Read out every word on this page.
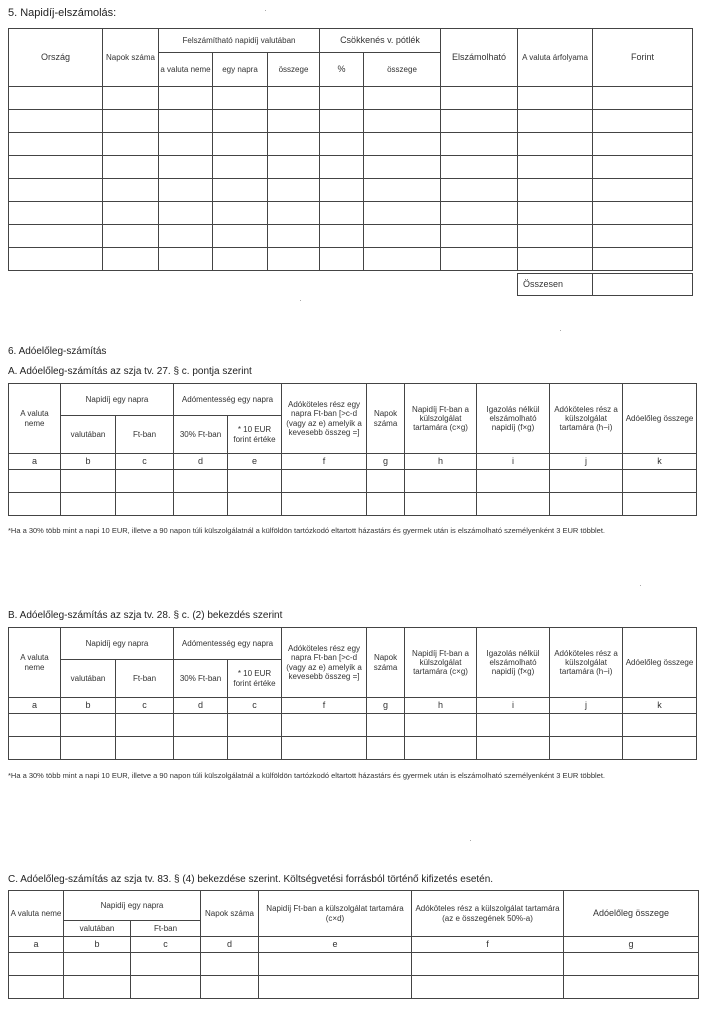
5. Napidíj-elszámolás:
Ország	Napok száma	Felszámítható napidíj valutában			Csökkenés v. pótlék		Elszámolható	A valuta árfolyama	Forint
		a valuta neme	egy napra	összege	%	összege			

Összesen	
6. Adóelőleg-számítás
A. Adóelőleg-számítás az szja tv. 27. § c. pontja szerint
A valuta neme	Napidíj egy napra		Adómentesség egy napra		Adóköteles rész egy napra Ft-ban [>c-d (vagy az e) amelyik a kevesebb összeg =]	Napok száma	Napidíj Ft-ban a külszolgálat tartamára (c×g)	Igazolás nélkül elszámolható napidíj (f×g)	Adóköteles rész a külszolgálat tartamára (h−i)	Adóelőleg összege
	valutában	Ft-ban	30% Ft-ban	* 10 EUR forint értéke						
a	b	c	d	e	f	g	h	i	j	k

*Ha a 30% több mint a napi 10 EUR, illetve a 90 napon túli külszolgálatnál a külföldön tartózkodó eltartott házastárs és gyermek után is elszámolható személyenként 3 EUR többlet.
B. Adóelőleg-számítás az szja tv. 28. § c. (2) bekezdés szerint
A valuta neme	Napidíj egy napra		Adómentesség egy napra		Adóköteles rész egy napra Ft-ban [>c-d (vagy az e) amelyik a kevesebb összeg =]	Napok száma	Napidíj Ft-ban a külszolgálat tartamára (c×g)	Igazolás nélkül elszámolható napidíj (f×g)	Adóköteles rész a külszolgálat tartamára (h−i)	Adóelőleg összege
	valutában	Ft-ban	30% Ft-ban	* 10 EUR forint értéke						
a	b	c	d	c	f	g	h	i	j	k

*Ha a 30% több mint a napi 10 EUR, illetve a 90 napon túli külszolgálatnál a külföldön tartózkodó eltartott házastárs és gyermek után is elszámolható személyenként 3 EUR többlet.
C. Adóelőleg-számítás az szja tv. 83. § (4) bekezdése szerint. Költségvetési forrásból történő kifizetés esetén.
A valuta neme	Napidíj egy napra		Napok száma	Napidíj Ft-ban a külszolgálat tartamára (c×d)	Adóköteles rész a külszolgálat tartamára (az e összegének 50%-a)	Adóelőleg összege
	valutában	Ft-ban				
a	b	c	d	e	f	g
